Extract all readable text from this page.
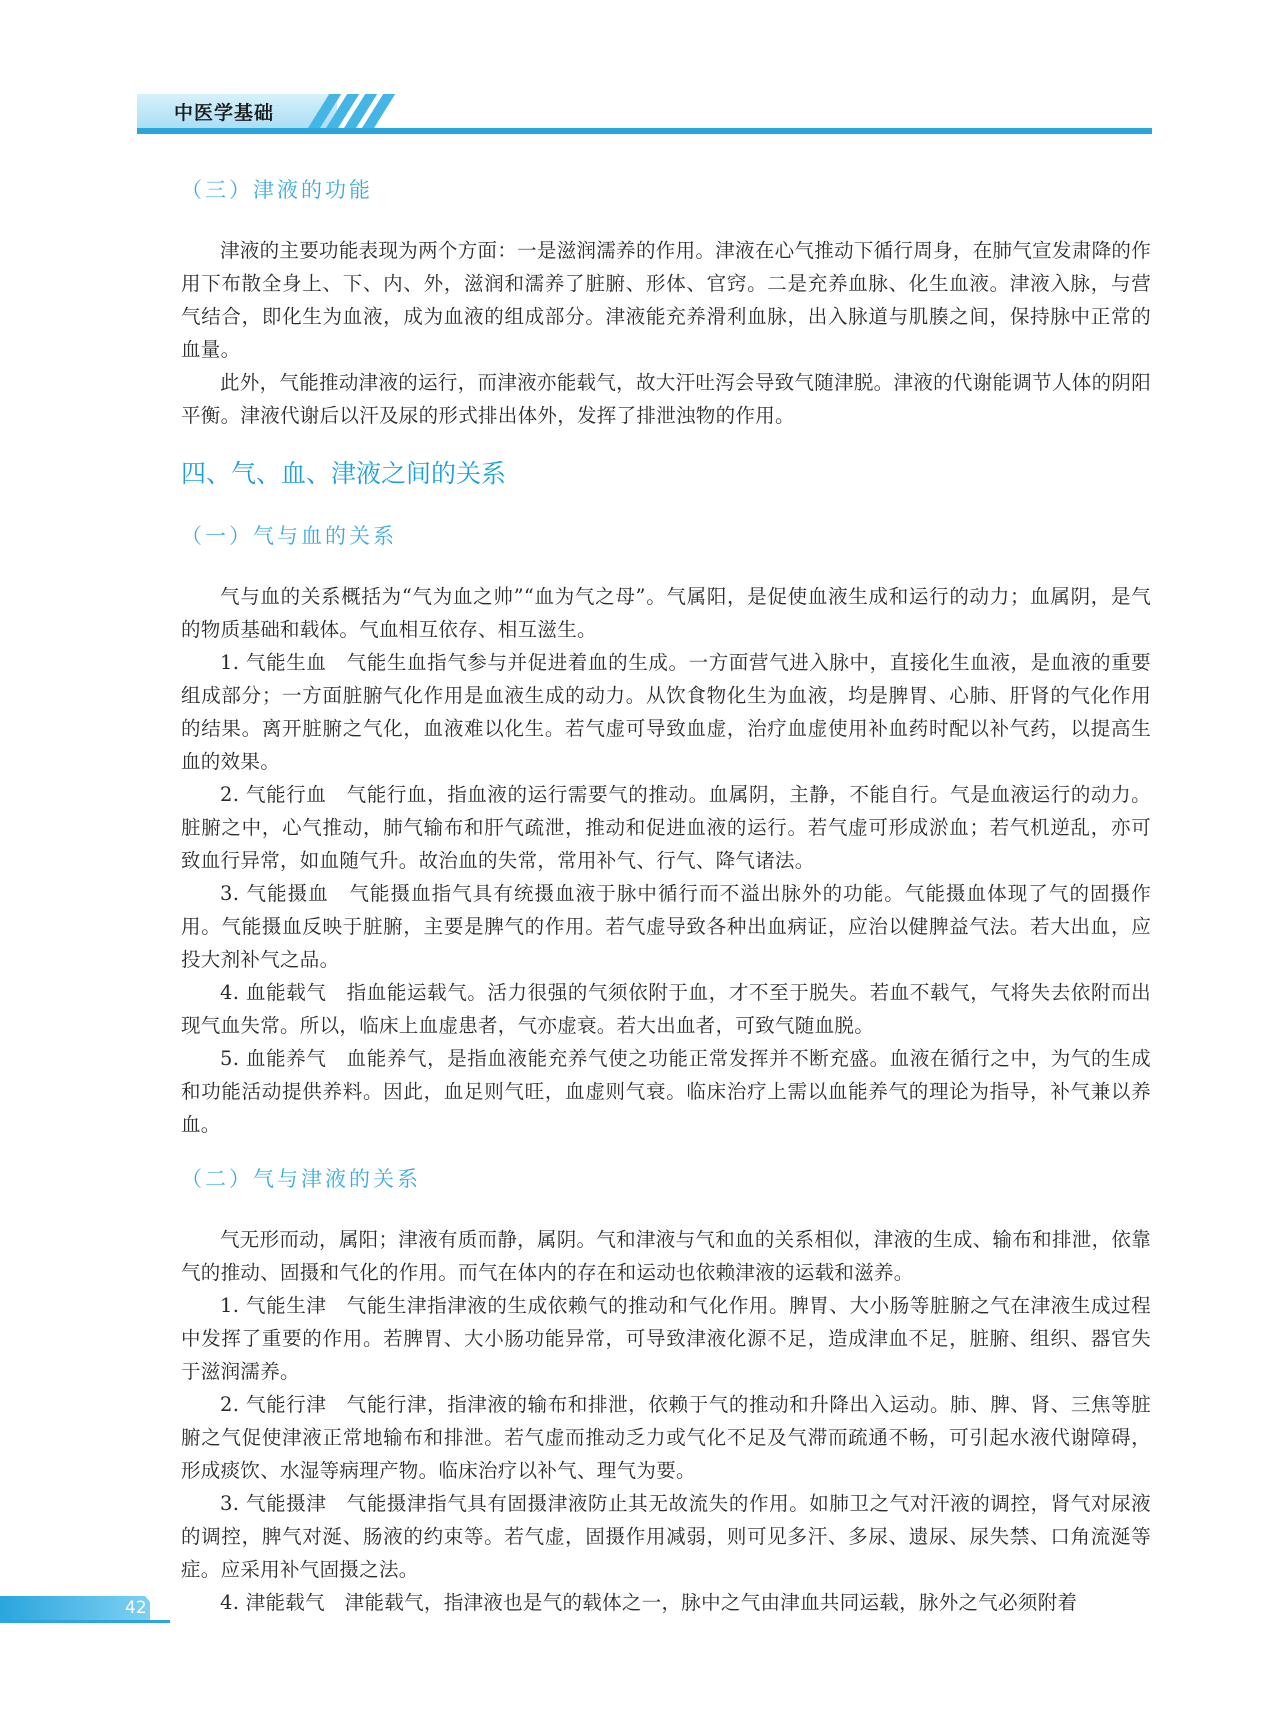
中医学基础
（三）津液的功能

津液的主要功能表现为两个方面：一是滋润濡养的作用。津液在心气推动下循行周身，在肺气宣发肃降的作用下布散全身上、下、内、外，滋润和濡养了脏腑、形体、官窍。二是充养血脉、化生血液。津液入脉，与营气结合，即化生为血液，成为血液的组成部分。津液能充养滑利血脉，出入脉道与肌腠之间，保持脉中正常的血量。

此外，气能推动津液的运行，而津液亦能载气，故大汗吐泻会导致气随津脱。津液的代谢能调节人体的阴阳平衡。津液代谢后以汗及尿的形式排出体外，发挥了排泄浊物的作用。

四、气、血、津液之间的关系
（一）气与血的关系

气与血的关系概括为“气为血之帅”“血为气之母”。气属阳，是促使血液生成和运行的动力；血属阴，是气的物质基础和载体。气血相互依存、相互滋生。

1. 气能生血　气能生血指气参与并促进着血的生成。一方面营气进入脉中，直接化生血液，是血液的重要组成部分；一方面脏腑气化作用是血液生成的动力。从饮食物化生为血液，均是脾胃、心肺、肝肾的气化作用的结果。离开脏腑之气化，血液难以化生。若气虚可导致血虚，治疗血虚使用补血药时配以补气药，以提高生血的效果。

2. 气能行血　气能行血，指血液的运行需要气的推动。血属阴，主静，不能自行。气是血液运行的动力。脏腑之中，心气推动，肺气输布和肝气疏泄，推动和促进血液的运行。若气虚可形成淤血；若气机逆乱，亦可致血行异常，如血随气升。故治血的失常，常用补气、行气、降气诸法。

3. 气能摄血　气能摄血指气具有统摄血液于脉中循行而不溢出脉外的功能。气能摄血体现了气的固摄作用。气能摄血反映于脏腑，主要是脾气的作用。若气虚导致各种出血病证，应治以健脾益气法。若大出血，应投大剂补气之品。

4. 血能载气　指血能运载气。活力很强的气须依附于血，才不至于脱失。若血不载气，气将失去依附而出现气血失常。所以，临床上血虚患者，气亦虚衰。若大出血者，可致气随血脱。

5. 血能养气　血能养气，是指血液能充养气使之功能正常发挥并不断充盛。血液在循行之中，为气的生成和功能活动提供养料。因此，血足则气旺，血虚则气衰。临床治疗上需以血能养气的理论为指导，补气兼以养血。

（二）气与津液的关系

气无形而动，属阳；津液有质而静，属阴。气和津液与气和血的关系相似，津液的生成、输布和排泄，依靠气的推动、固摄和气化的作用。而气在体内的存在和运动也依赖津液的运载和滋养。

1. 气能生津　气能生津指津液的生成依赖气的推动和气化作用。脾胃、大小肠等脏腑之气在津液生成过程中发挥了重要的作用。若脾胃、大小肠功能异常，可导致津液化源不足，造成津血不足，脏腑、组织、器官失于滋润濡养。

2. 气能行津　气能行津，指津液的输布和排泄，依赖于气的推动和升降出入运动。肺、脾、肾、三焦等脏腑之气促使津液正常地输布和排泄。若气虚而推动乏力或气化不足及气滞而疏通不畅，可引起水液代谢障碍，形成痰饮、水湿等病理产物。临床治疗以补气、理气为要。

3. 气能摄津　气能摄津指气具有固摄津液防止其无故流失的作用。如肺卫之气对汗液的调控，肾气对尿液的调控，脾气对涎、肠液的约束等。若气虚，固摄作用减弱，则可见多汗、多尿、遗尿、尿失禁、口角流涎等症。应采用补气固摄之法。

4. 津能载气　津能载气，指津液也是气的载体之一，脉中之气由津血共同运载，脉外之气必须附着

42
